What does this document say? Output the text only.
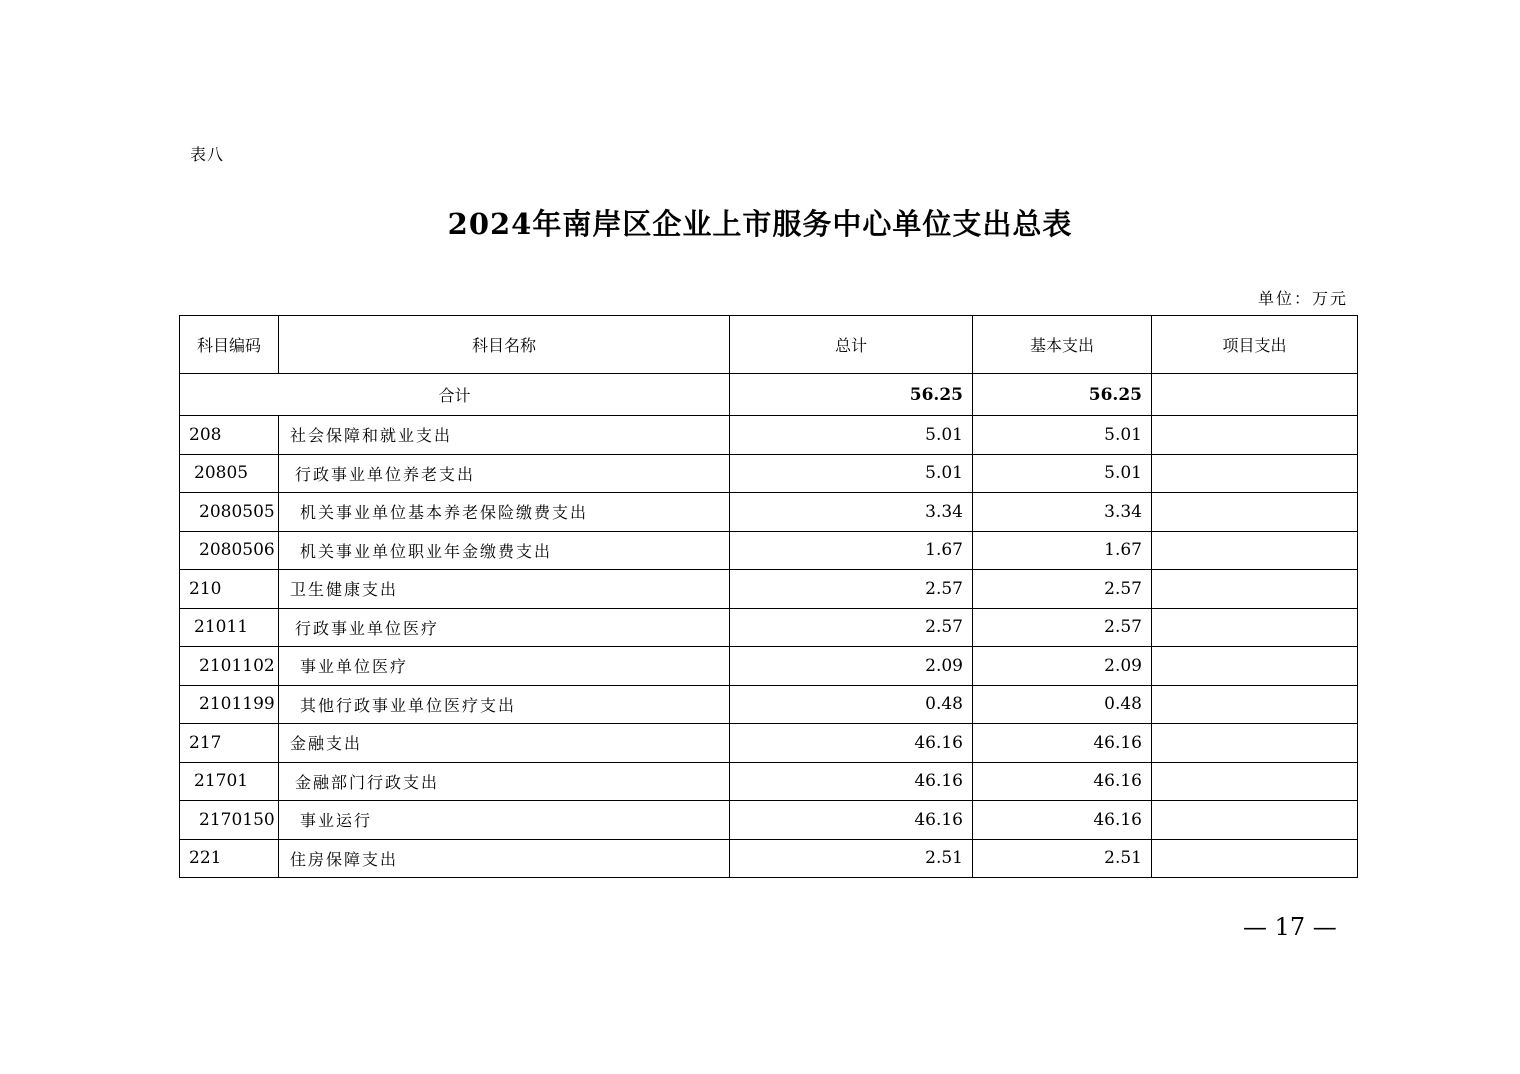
表八
2024年南岸区企业上市服务中心单位支出总表
单位：万元
科目编码	科目名称	总计	基本支出	项目支出
合计		56.25	56.25	
208	社会保障和就业支出	5.01	5.01	
20805	行政事业单位养老支出	5.01	5.01	
2080505	机关事业单位基本养老保险缴费支出	3.34	3.34	
2080506	机关事业单位职业年金缴费支出	1.67	1.67	
210	卫生健康支出	2.57	2.57	
21011	行政事业单位医疗	2.57	2.57	
2101102	事业单位医疗	2.09	2.09	
2101199	其他行政事业单位医疗支出	0.48	0.48	
217	金融支出	46.16	46.16	
21701	金融部门行政支出	46.16	46.16	
2170150	事业运行	46.16	46.16	
221	住房保障支出	2.51	2.51	
— 17 —
